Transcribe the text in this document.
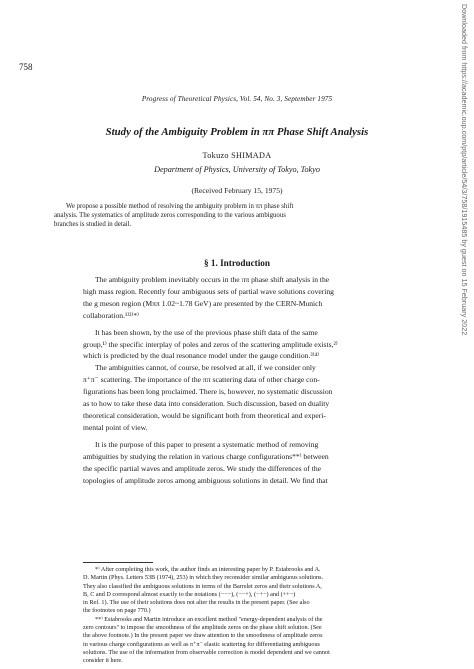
758
Progress of Theoretical Physics, Vol. 54, No. 3, September 1975
Study of the Ambiguity Problem in ππ Phase Shift Analysis
Tokuzo SHIMADA
Department of Physics, University of Tokyo, Tokyo
(Received February 15, 1975)
We propose a possible method of resolving the ambiguity problem in ππ phase shift
analysis. The systematics of amplitude zeros corresponding to the various ambiguous
branches is studied in detail.
§ 1. Introduction
The ambiguity problem inevitably occurs in the ππ phase shift analysis in the
high mass region. Recently four ambiguous sets of partial wave solutions covering
the g meson region (Mππ 1.02~1.78 GeV) are presented by the CERN-Munich
collaboration.¹⁾²⁾*⁾
It has been shown, by the use of the previous phase shift data of the same
group,¹⁾ the specific interplay of poles and zeros of the scattering amplitude exists,²⁾
which is predicted by the dual resonance model under the gauge condition.³⁾⁴⁾
The ambiguities cannot, of course, be resolved at all, if we consider only
π⁺π⁻ scattering. The importance of the ππ scattering data of other charge con-
figurations has been long proclaimed. There is, however, no systematic discussion
as to how to take these data into consideration. Such discussion, based on duality
theoretical consideration, would be significant both from theoretical and experi-
mental point of view.
It is the purpose of this paper to present a systematic method of removing
ambiguities by studying the relation in various charge configurations**⁾ between
the specific partial waves and amplitude zeros. We study the differences of the
topologies of amplitude zeros among ambiguous solutions in detail. We find that
*⁾ After completing this work, the author finds an interesting paper by P. Estabrooks and A.
D. Martin (Phys. Letters 53B (1974), 253) in which they reconsider similar ambiguous solutions.
They also classified the ambiguous solutions in terms of the Barrelet zeros and their solutions A,
B, C and D correspond almost exactly to the notations (−−−), (−−+), (−+−) and (++−)
in Ref. 1). The use of their solutions does not alter the results in the present paper. (See also
the footnotes on page 770.)
**⁾ Estabrooks and Martin introduce an excellent method "energy-dependent analysis of the
zero contours" to impose the smoothness of the amplitude zeros on the phase shift solution. (See
the above footnote.) In the present paper we draw attention to the smoothness of amplitude zeros
in various charge configurations as well as π⁺π⁻ elastic scattering for differentiating ambiguous
solutions. The use of the information from observable correction is model dependent and we cannot
consider it here.
Downloaded from https://academic.oup.com/ptp/article/54/3/758/1915485 by guest on 15 February 2022
